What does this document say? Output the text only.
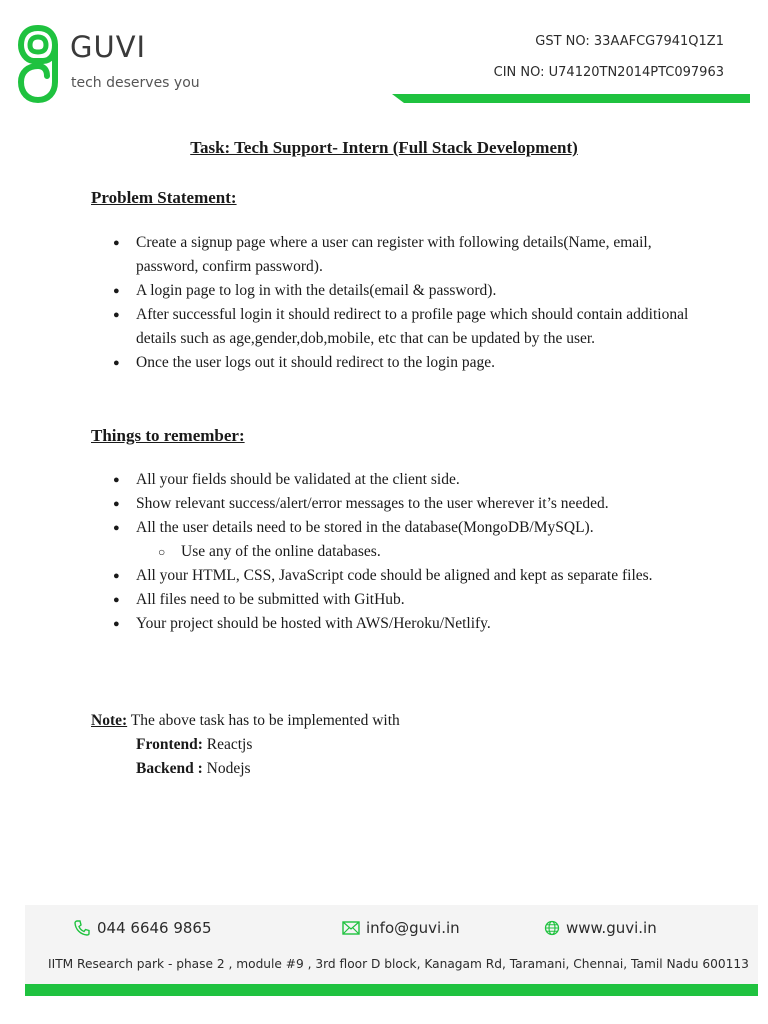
GUVI
tech deserves you
GST NO: 33AAFCG7941Q1Z1
CIN NO: U74120TN2014PTC097963
Task: Tech Support- Intern (Full Stack Development)
Problem Statement:
● Create a signup page where a user can register with following details(Name, email, password, confirm password).
● A login page to log in with the details(email & password).
● After successful login it should redirect to a profile page which should contain additional details such as age,gender,dob,mobile, etc that can be updated by the user.
● Once the user logs out it should redirect to the login page.
Things to remember:
● All your fields should be validated at the client side.
● Show relevant success/alert/error messages to the user wherever it’s needed.
● All the user details need to be stored in the database(MongoDB/MySQL).
○ Use any of the online databases.
● All your HTML, CSS, JavaScript code should be aligned and kept as separate files.
● All files need to be submitted with GitHub.
● Your project should be hosted with AWS/Heroku/Netlify.
Note: The above task has to be implemented with
Frontend: Reactjs
Backend : Nodejs
044 6646 9865	info@guvi.in	www.guvi.in
IITM Research park - phase 2 , module #9 , 3rd floor D block, Kanagam Rd, Taramani, Chennai, Tamil Nadu 600113
